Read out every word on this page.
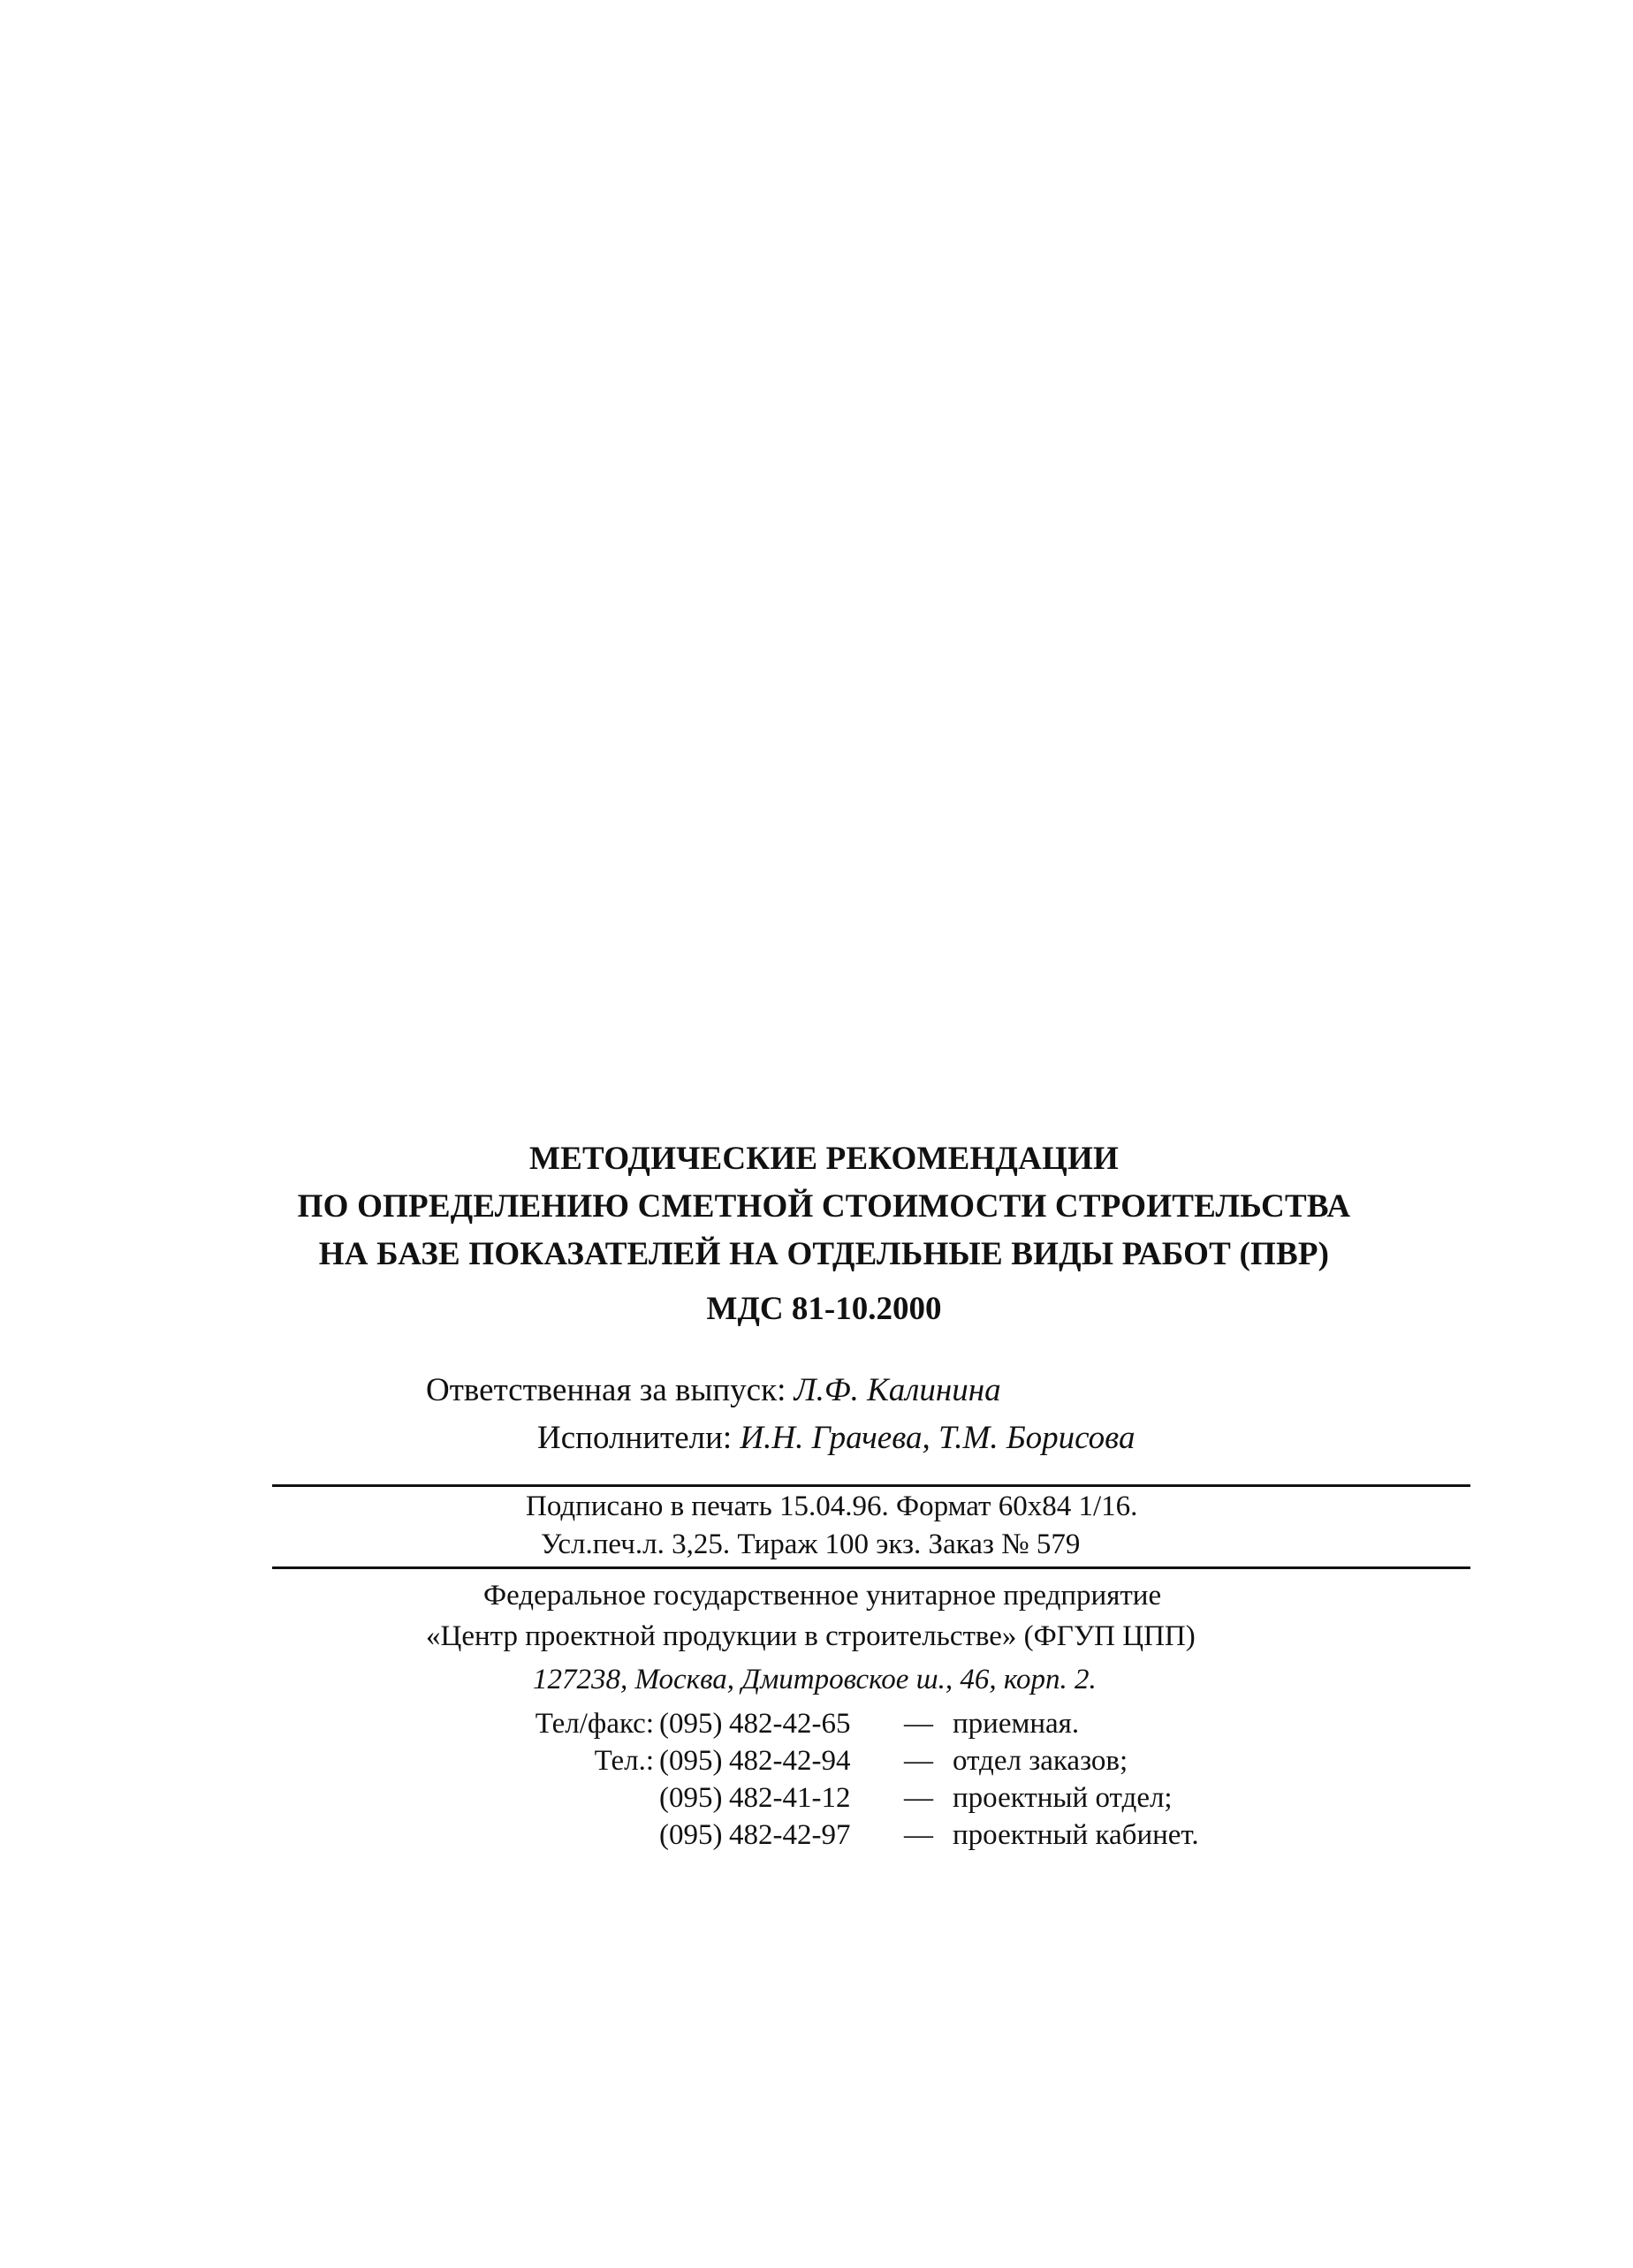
МЕТОДИЧЕСКИЕ РЕКОМЕНДАЦИИ
ПО ОПРЕДЕЛЕНИЮ СМЕТНОЙ СТОИМОСТИ СТРОИТЕЛЬСТВА
НА БАЗЕ ПОКАЗАТЕЛЕЙ НА ОТДЕЛЬНЫЕ ВИДЫ РАБОТ (ПВР)
МДС 81-10.2000
Ответственная за выпуск: Л.Ф. Калинина
Исполнители: И.Н. Грачева, Т.М. Борисова
Подписано в печать 15.04.96. Формат 60x84 1/16.
Усл.печ.л. 3,25. Тираж 100 экз. Заказ № 579
Федеральное государственное унитарное предприятие
«Центр проектной продукции в строительстве» (ФГУП ЦПП)
127238, Москва, Дмитровское ш., 46, корп. 2.
Тел/факс: (095) 482-42-65 — приемная.
Тел.: (095) 482-42-94 — отдел заказов;
(095) 482-41-12 — проектный отдел;
(095) 482-42-97 — проектный кабинет.
